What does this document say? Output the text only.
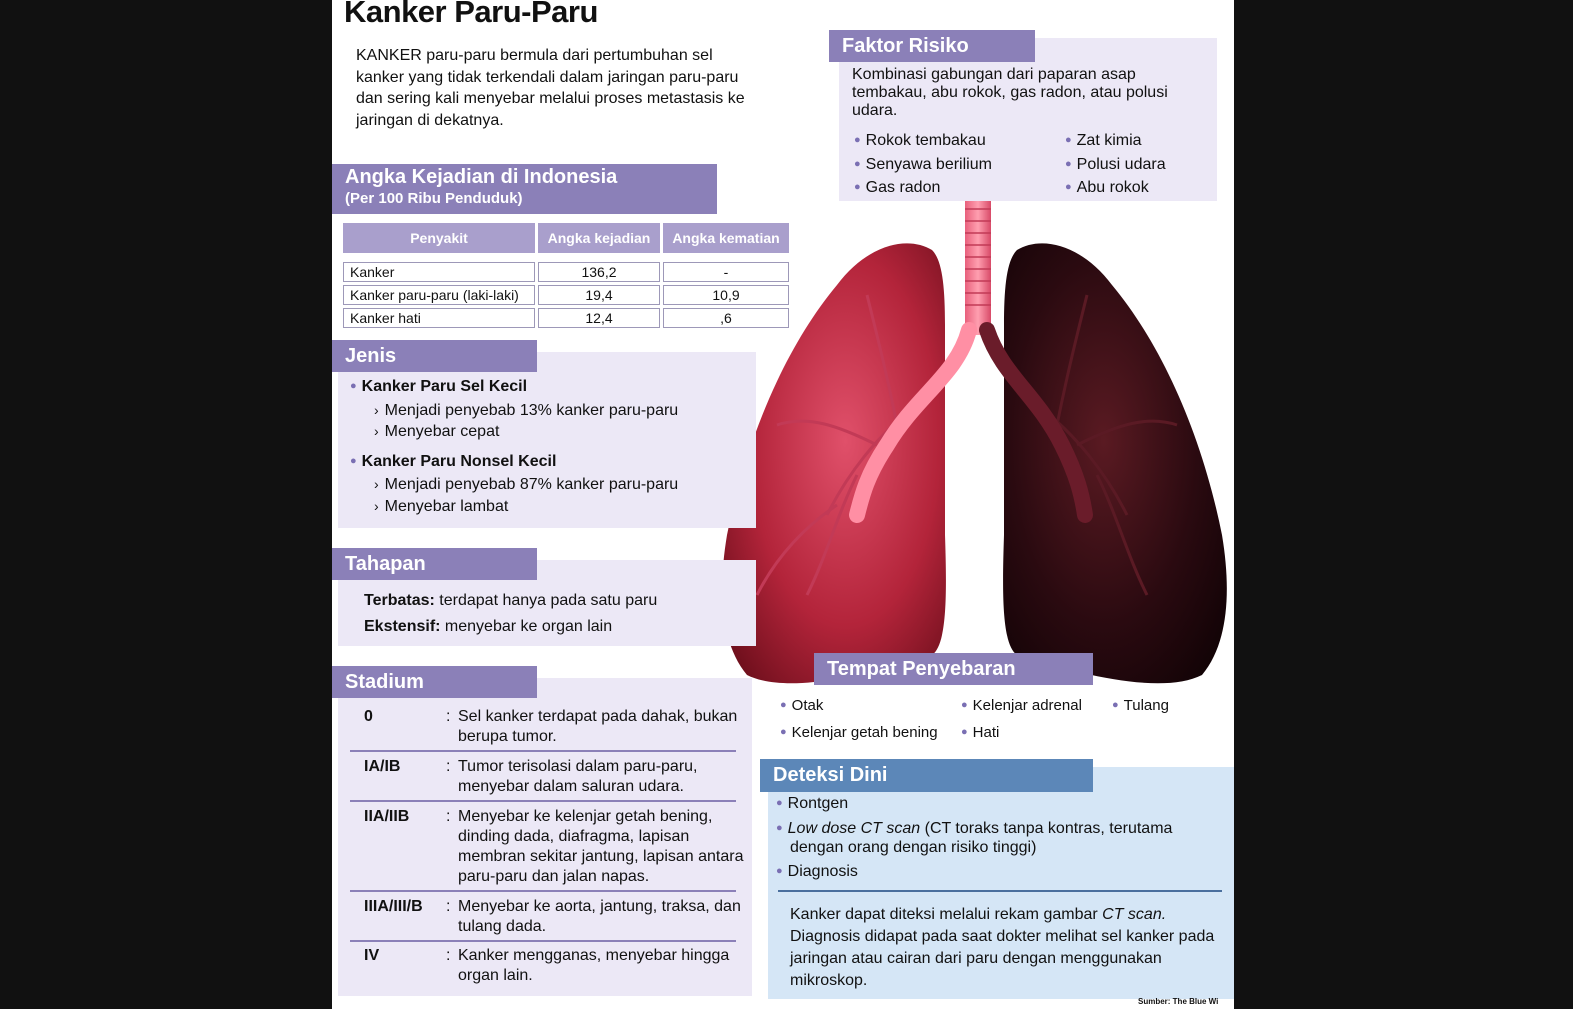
Kanker Paru-Paru
KANKER paru-paru bermula dari pertumbuhan sel kanker yang tidak terkendali dalam jaringan paru-paru dan sering kali menyebar melalui proses metastasis ke jaringan di dekatnya.
Angka Kejadian di Indonesia
(Per 100 Ribu Penduduk)
Penyakit	Angka kejadian	Angka kematian

Kanker	136,2	-
Kanker paru-paru (laki-laki)	19,4	10,9
Kanker hati	12,4	,6
Faktor Risiko
Kombinasi gabungan dari paparan asap tembakau, abu rokok, gas radon, atau polusi udara.
● Rokok tembakau
● Senyawa berilium
● Gas radon
● Zat kimia
● Polusi udara
● Abu rokok
Jenis
● Kanker Paru Sel Kecil
› Menjadi penyebab 13% kanker paru-paru
› Menyebar cepat
● Kanker Paru Nonsel Kecil
› Menjadi penyebab 87% kanker paru-paru
› Menyebar lambat
Tahapan
Terbatas: terdapat hanya pada satu paru
Ekstensif: menyebar ke organ lain
Stadium
0	: Sel kanker terdapat pada dahak, bukan berupa tumor.
IA/IB	: Tumor terisolasi dalam paru-paru, menyebar dalam saluran udara.
IIA/IIB : Menyebar ke kelenjar getah bening, dinding dada, diafragma, lapisan membran sekitar jantung, lapisan antara paru-paru dan jalan napas.
IIIA/III/B : Menyebar ke aorta, jantung, traksa, dan tulang dada.
IV	: Kanker mengganas, menyebar hingga organ lain.
Tempat Penyebaran
● Otak
● Kelenjar getah bening
● Kelenjar adrenal
● Hati
● Tulang
Deteksi Dini
● Rontgen
● Low dose CT scan (CT toraks tanpa kontras, terutama dengan orang dengan risiko tinggi)
● Diagnosis
Kanker dapat diteksi melalui rekam gambar CT scan. Diagnosis didapat pada saat dokter melihat sel kanker pada jaringan atau cairan dari paru dengan menggunakan mikroskop.
Sumber: The Blue Wi
